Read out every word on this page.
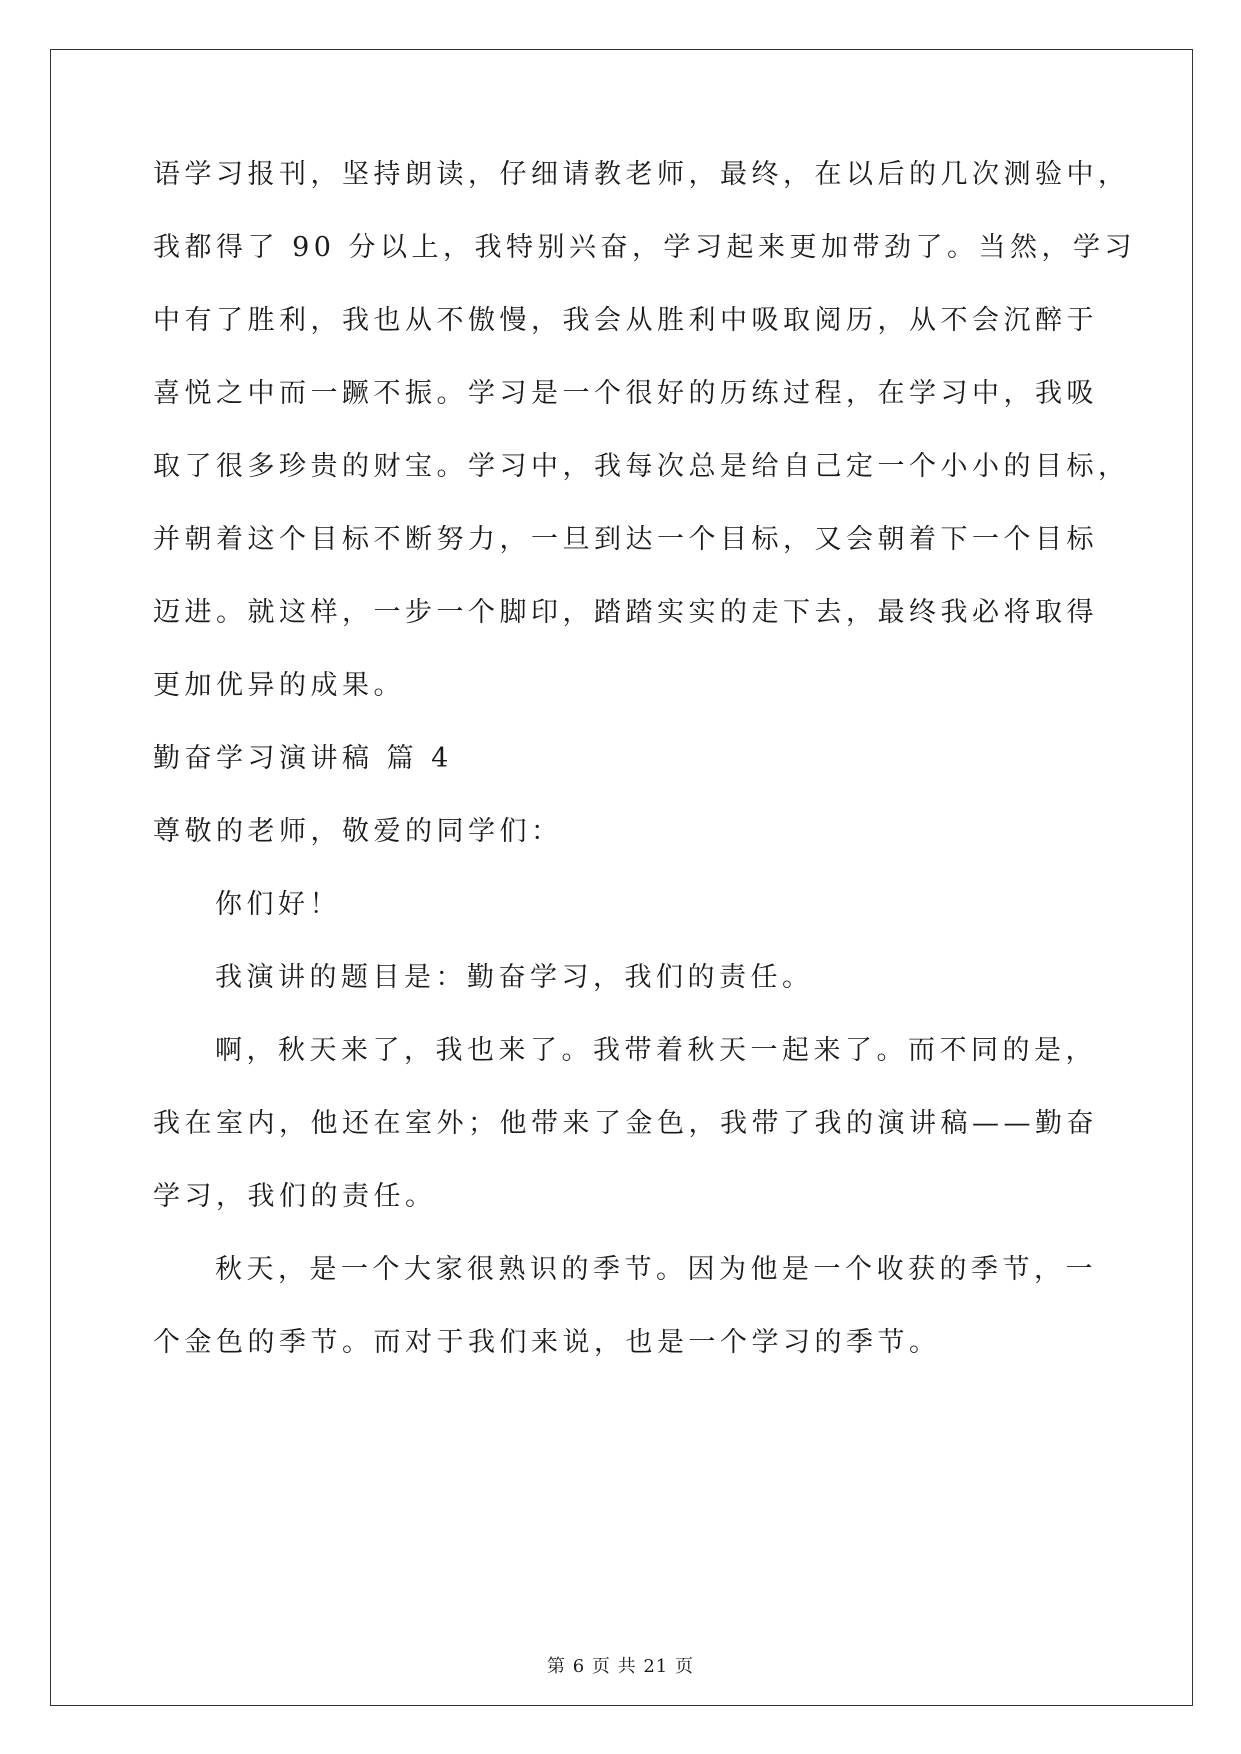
语学习报刊，坚持朗读，仔细请教老师，最终，在以后的几次测验中，
我都得了 90 分以上，我特别兴奋，学习起来更加带劲了。当然，学习
中有了胜利，我也从不傲慢，我会从胜利中吸取阅历，从不会沉醉于
喜悦之中而一蹶不振。学习是一个很好的历练过程，在学习中，我吸
取了很多珍贵的财宝。学习中，我每次总是给自己定一个小小的目标，
并朝着这个目标不断努力，一旦到达一个目标，又会朝着下一个目标
迈进。就这样，一步一个脚印，踏踏实实的走下去，最终我必将取得
更加优异的成果。
勤奋学习演讲稿 篇 4
尊敬的老师，敬爱的同学们：
你们好！
我演讲的题目是：勤奋学习，我们的责任。
啊，秋天来了，我也来了。我带着秋天一起来了。而不同的是，
我在室内，他还在室外；他带来了金色，我带了我的演讲稿——勤奋
学习，我们的责任。
秋天，是一个大家很熟识的季节。因为他是一个收获的季节，一
个金色的季节。而对于我们来说，也是一个学习的季节。
第 6 页 共 21 页
